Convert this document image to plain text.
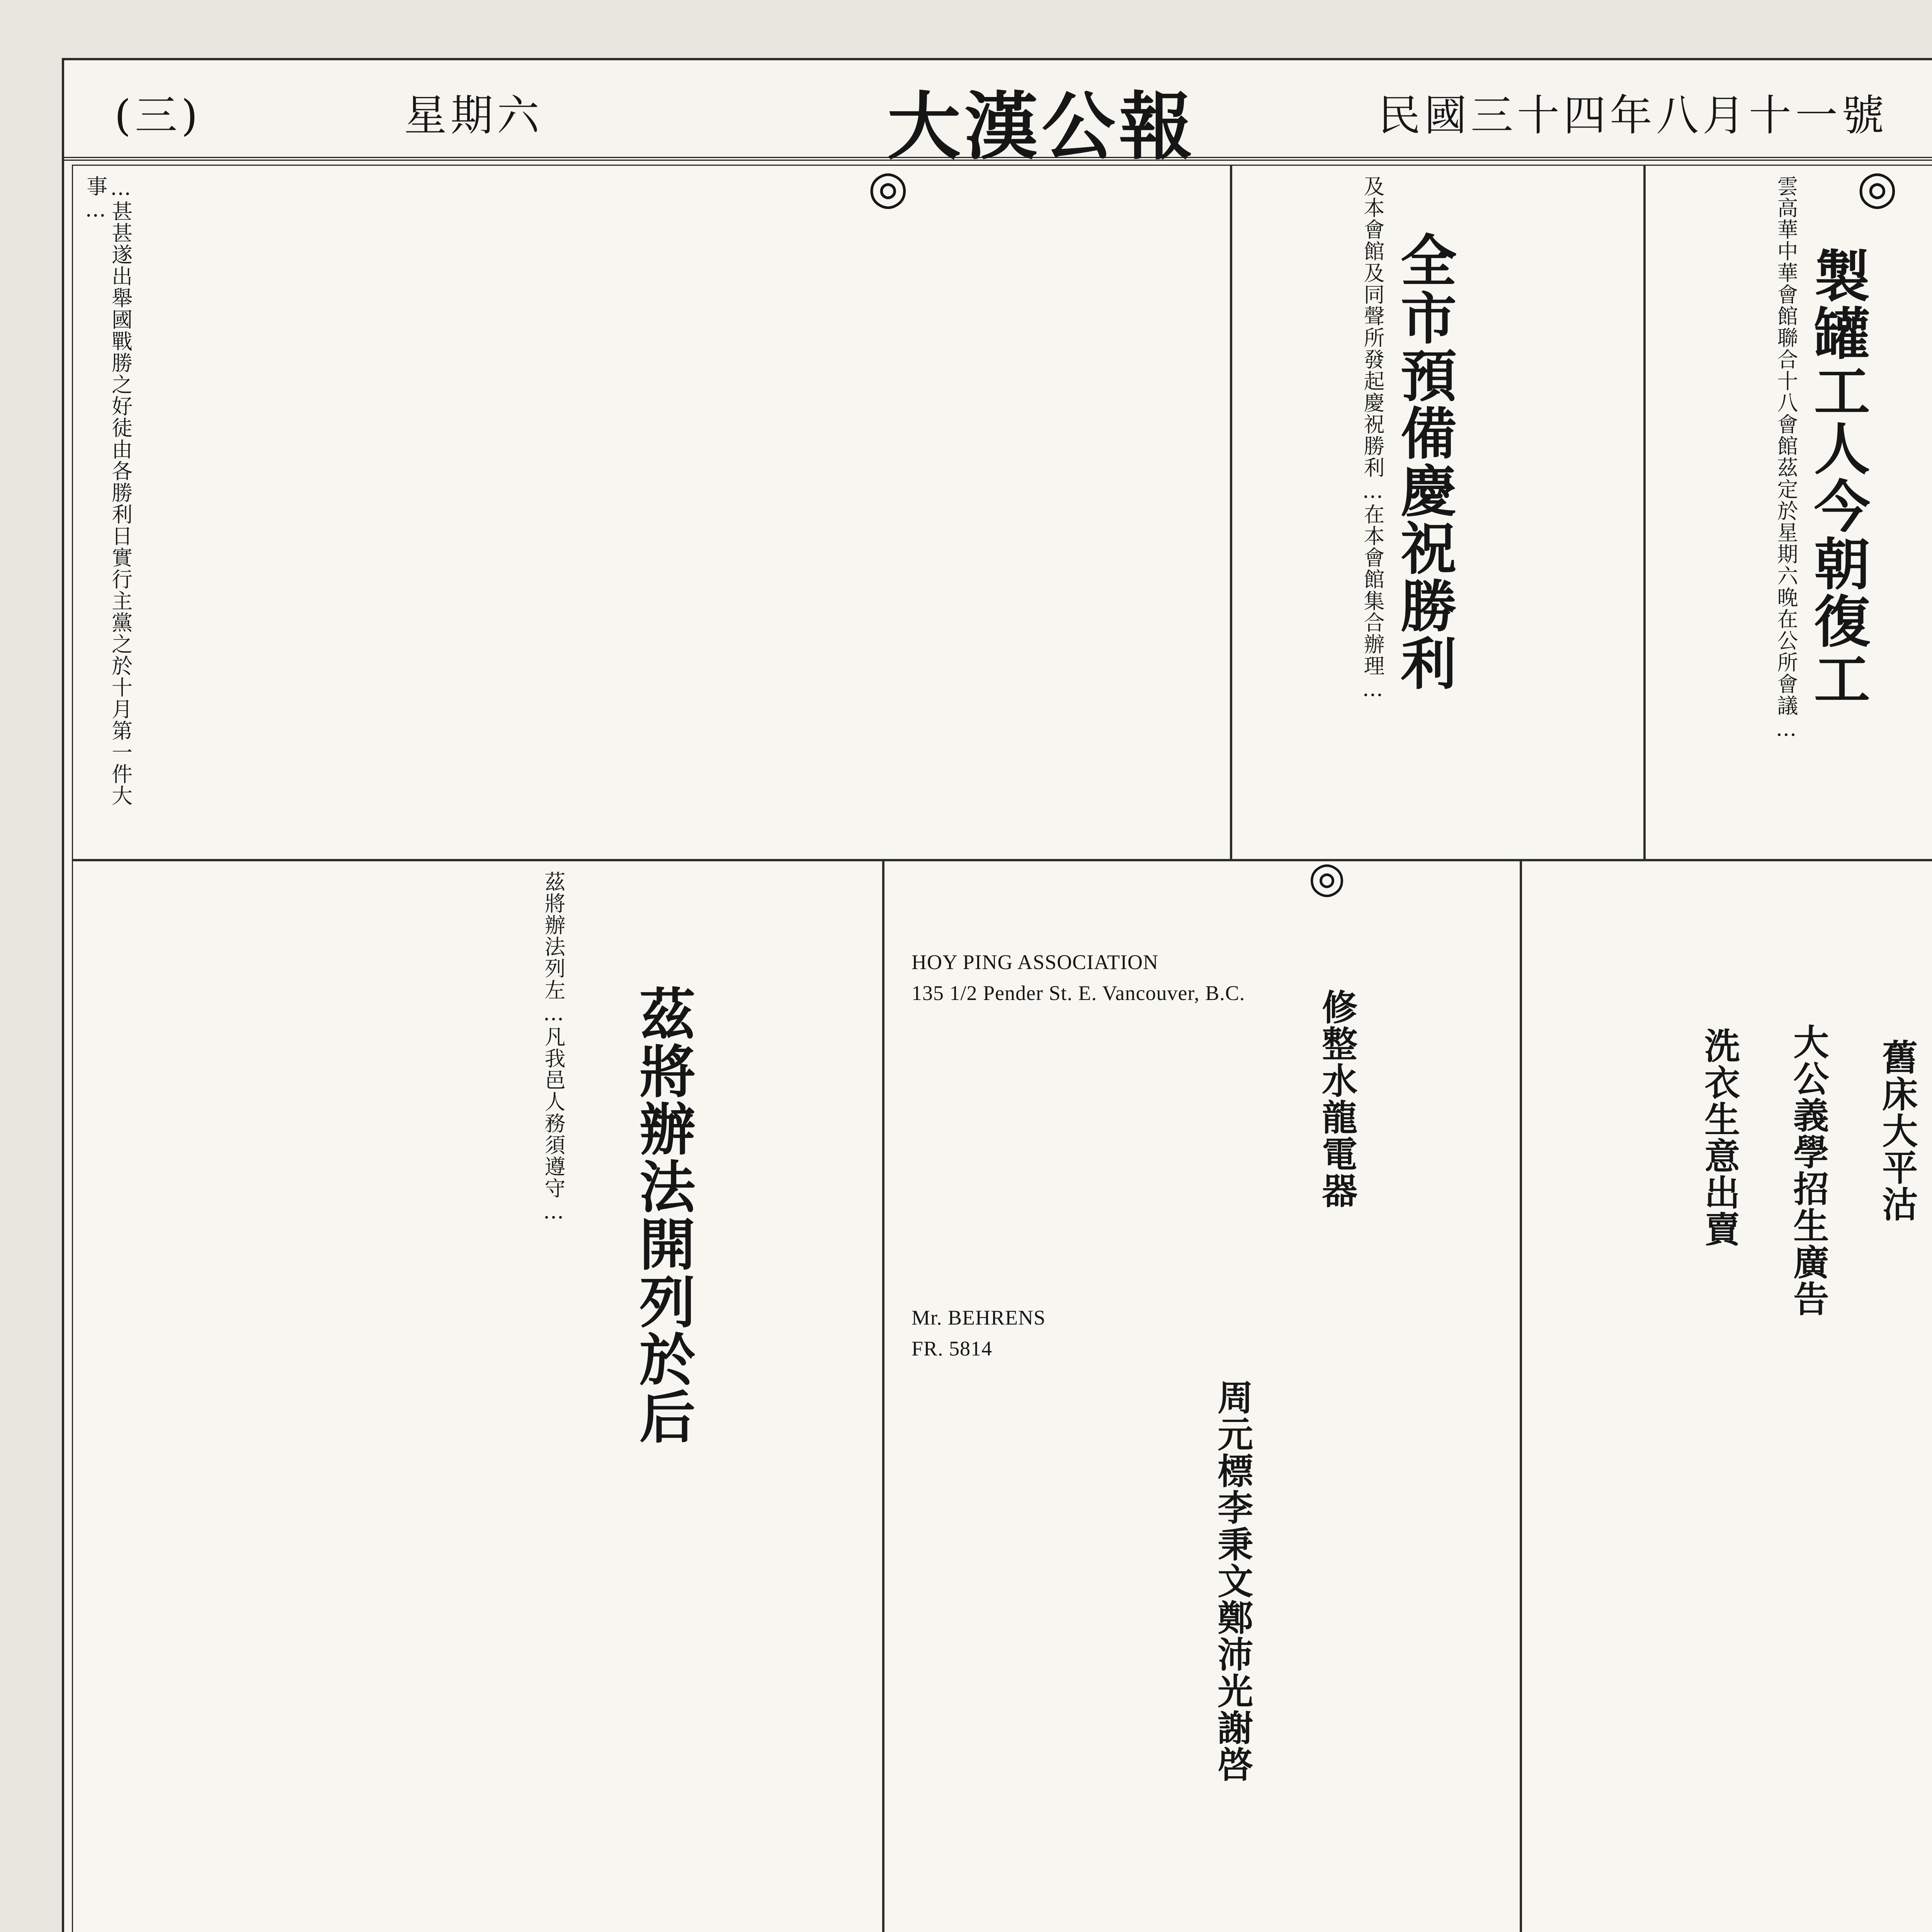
(三)	星期六	大漢公報	民國三十四年八月十一號
…甚甚遂出舉國戰勝之好徒由各勝利日實行主黨之於十月第一件大事…
全市預備慶祝勝利
及本會館及同聲所發起慶祝勝利…在本會館集合辦理…	製罐工人今朝復工
雲高華中華會館聯合十八會館茲定於星期六晚在公所會議…
茲將辦法開列於后
茲將辦法列左…凡我邑人務須遵守…	修整水龍電器
周元標李秉文鄭沛光謝啓
HOY PING ASSOCIATION
135 1/2 Pender St. E. Vancouver, B.C.
Mr. BEHRENS
FR. 5814
舊床大平沽
大公義學招生廣告
洗衣生意出賣
◎
◎
◎
